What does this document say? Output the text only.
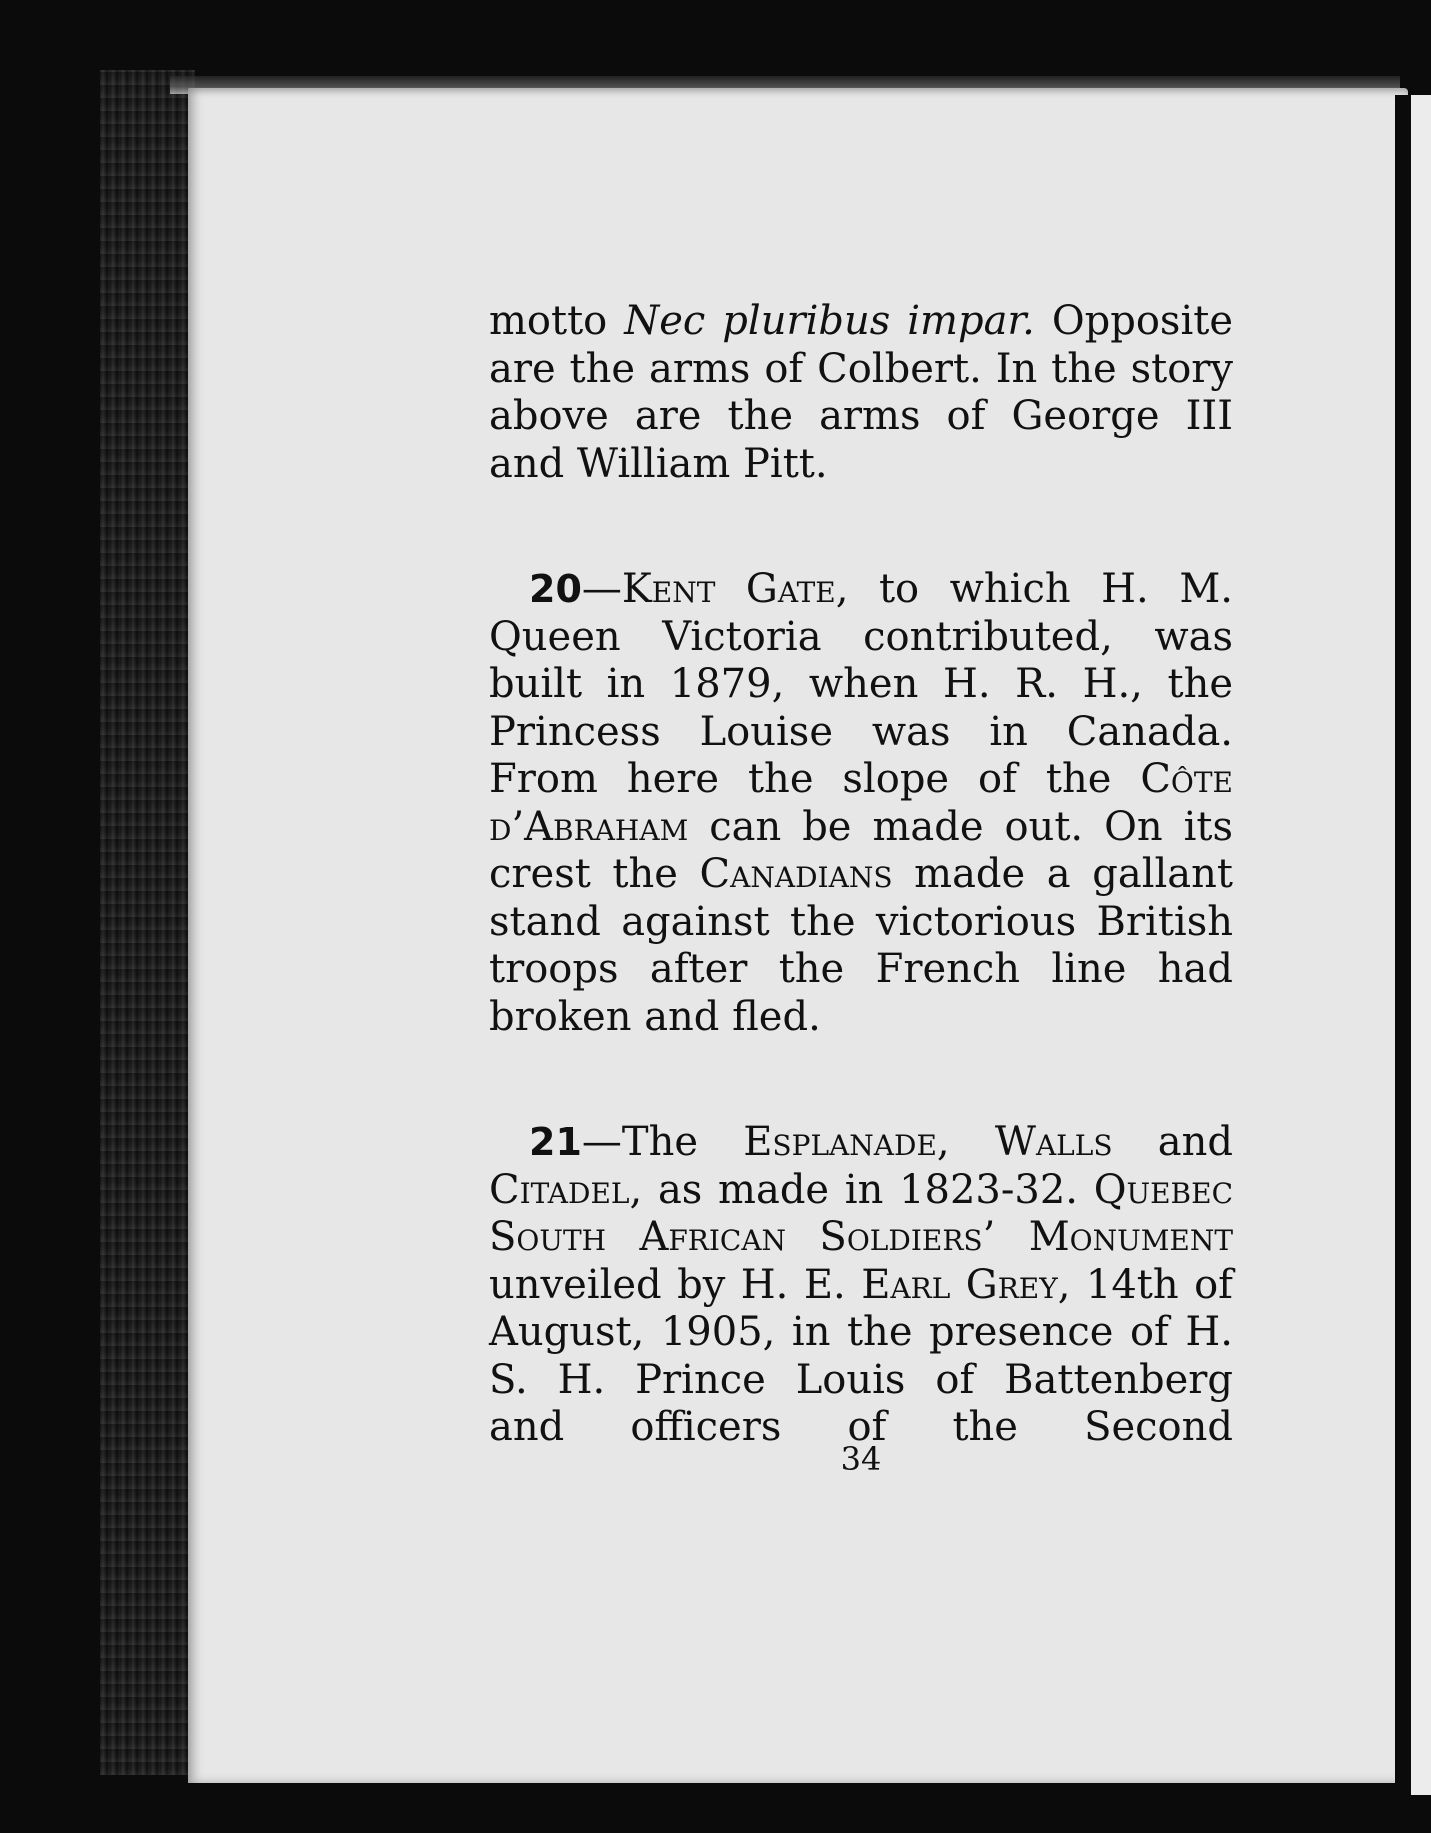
motto Nec pluribus impar. Opposite are the arms of Colbert. In the story above are the arms of George III and William Pitt.

20—Kent Gate, to which H. M. Queen Victoria contributed, was built in 1879, when H. R. H., the Princess Louise was in Canada. From here the slope of the Côte d’Abraham can be made out. On its crest the Canadians made a gallant stand against the victorious British troops after the French line had broken and fled.

21—The Esplanade, Walls and Citadel, as made in 1823-32. Quebec South African Soldiers’ Monument unveiled by H. E. Earl Grey, 14th of August, 1905, in the presence of H. S. H. Prince Louis of Battenberg and officers of the Second

34
